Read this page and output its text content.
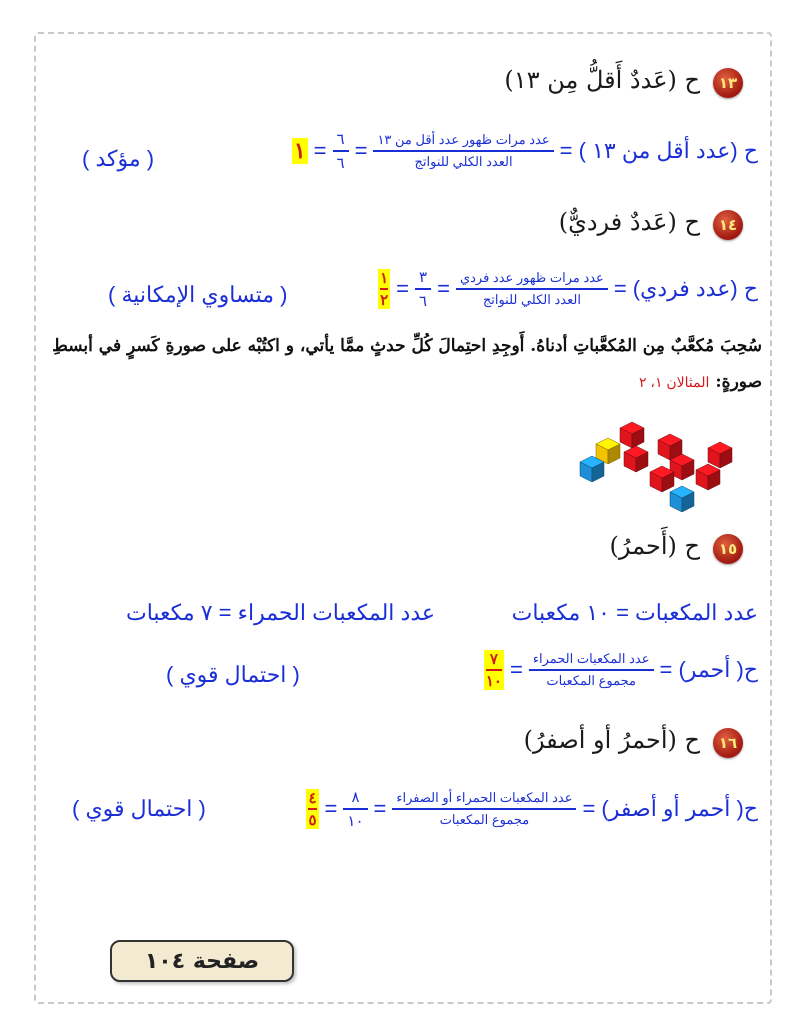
١٣
ح (عَددٌ أَقلُّ مِن ١٣)
ح (عدد أقل من ١٣ ) =
$\frac{\text{عدد مرات ظهور عدد أقل من ١٣}}{\text{العدد الكلي للنواتج}}$
=
$\frac{٦}{٦}$
=
١
( مؤكد )
١٤
ح (عَددٌ فرديٌّ)
ح (عدد فردي) =
$\frac{\text{عدد مرات ظهور عدد فردي}}{\text{العدد الكلي للنواتج}}$
=
$\frac{٣}{٦}$
=
$\frac{١}{٢}$
( متساوي الإمكانية )
سُحِبَ مُكعَّبٌ مِن المُكعَّباتِ أدناهُ. أَوجِدِ احتِمالَ كُلِّ حدثٍ ممَّا يأتي، و اكتُبْه على صورةِ كَسرٍ في أبسطِ
صورةٍ:
المثالان ١، ٢
١٥
ح (أَحمرُ)
عدد المكعبات = ١٠ مكعبات
عدد المكعبات الحمراء = ٧ مكعبات
ح( أحمر) =
$\frac{\text{عدد المكعبات الحمراء}}{\text{مجموع المكعبات}}$
=
$\frac{٧}{١٠}$
( احتمال قوي )
١٦
ح (أحمرُ أو أصفرُ)
ح( أحمر أو أصفر) =
$\frac{\text{عدد المكعبات الحمراء أو الصفراء}}{\text{مجموع المكعبات}}$
=
$\frac{٨}{١٠}$
=
$\frac{٤}{٥}$
( احتمال قوي )
صفحة ١٠٤
